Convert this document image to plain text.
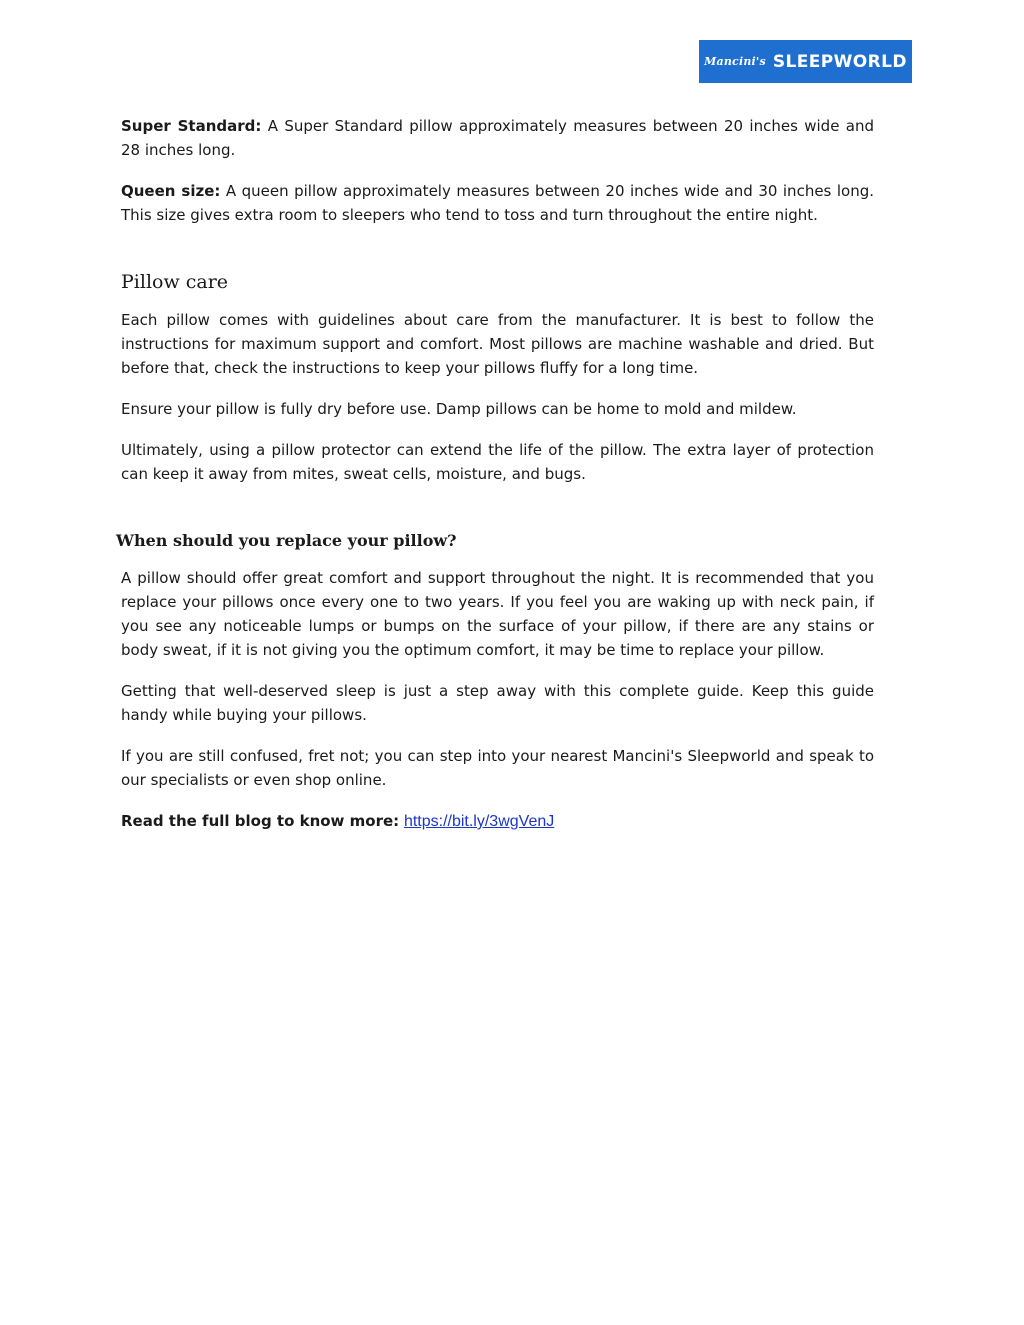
Mancini's SLEEPWORLD

Super Standard: A Super Standard pillow approximately measures between 20 inches wide and 28 inches long.

Queen size: A queen pillow approximately measures between 20 inches wide and 30 inches long. This size gives extra room to sleepers who tend to toss and turn throughout the entire night.

Pillow care

Each pillow comes with guidelines about care from the manufacturer. It is best to follow the instructions for maximum support and comfort. Most pillows are machine washable and dried. But before that, check the instructions to keep your pillows fluffy for a long time.

Ensure your pillow is fully dry before use. Damp pillows can be home to mold and mildew.

Ultimately, using a pillow protector can extend the life of the pillow. The extra layer of protection can keep it away from mites, sweat cells, moisture, and bugs.

When should you replace your pillow?

A pillow should offer great comfort and support throughout the night. It is recommended that you replace your pillows once every one to two years. If you feel you are waking up with neck pain, if you see any noticeable lumps or bumps on the surface of your pillow, if there are any stains or body sweat, if it is not giving you the optimum comfort, it may be time to replace your pillow.

Getting that well-deserved sleep is just a step away with this complete guide. Keep this guide handy while buying your pillows.

If you are still confused, fret not; you can step into your nearest Mancini's Sleepworld and speak to our specialists or even shop online.

Read the full blog to know more: https://bit.ly/3wgVenJ
